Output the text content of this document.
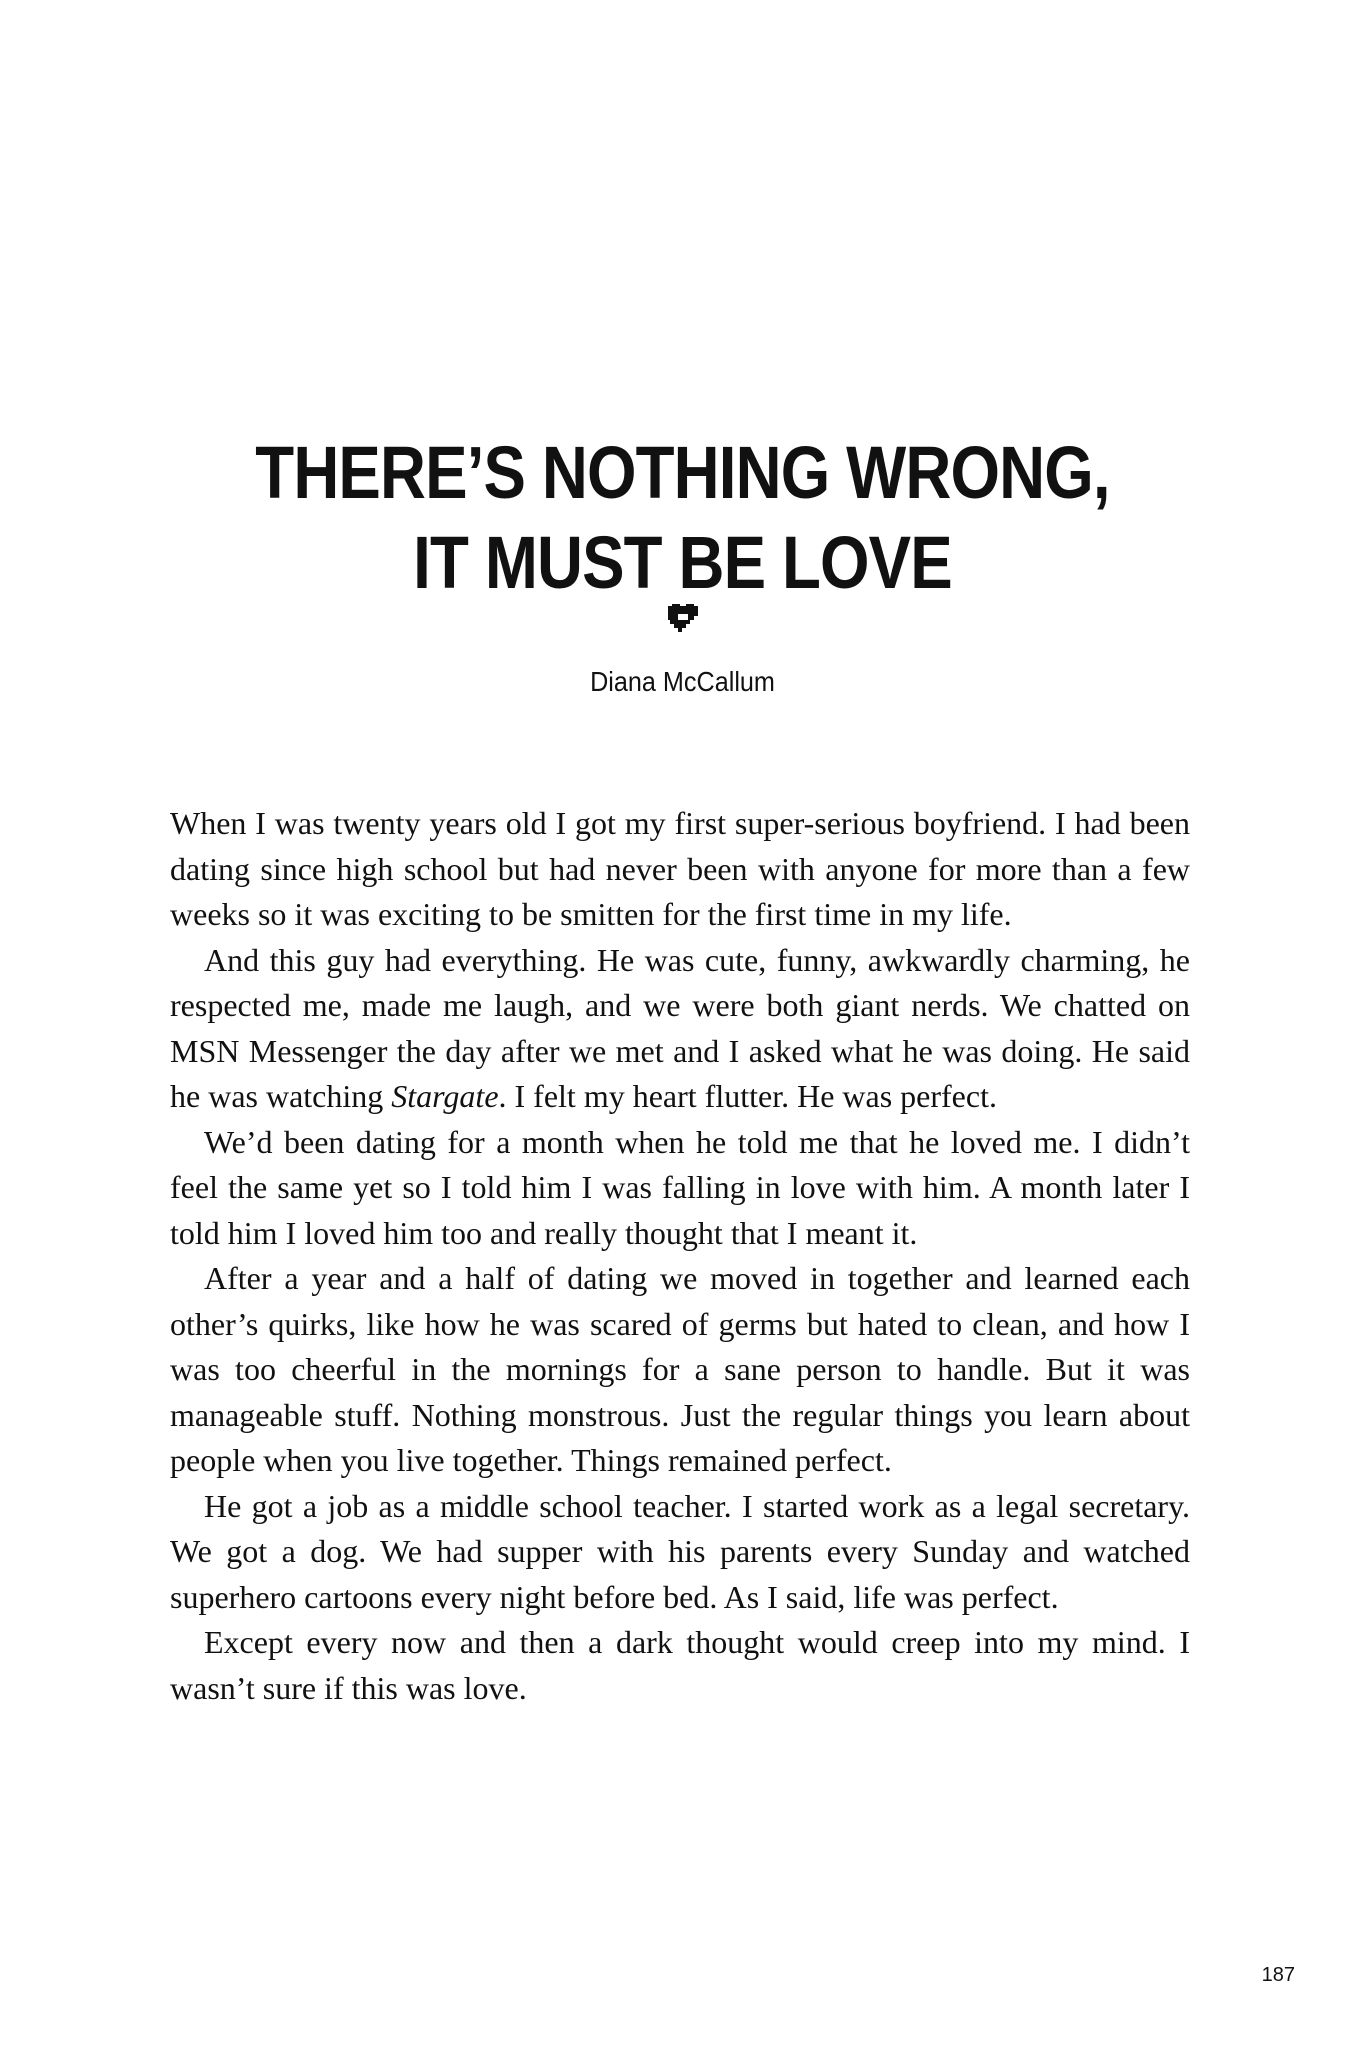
THERE’S NOTHING WRONG,
IT MUST BE LOVE
Diana McCallum

When I was twenty years old I got my first super-serious boyfriend. I had been dating since high school but had never been with anyone for more than a few weeks so it was exciting to be smitten for the first time in my life.

And this guy had everything. He was cute, funny, awkwardly charming, he respected me, made me laugh, and we were both giant nerds. We chatted on MSN Messenger the day after we met and I asked what he was doing. He said he was watching Stargate. I felt my heart flutter. He was perfect.

We’d been dating for a month when he told me that he loved me. I didn’t feel the same yet so I told him I was falling in love with him. A month later I told him I loved him too and really thought that I meant it.

After a year and a half of dating we moved in together and learned each other’s quirks, like how he was scared of germs but hated to clean, and how I was too cheerful in the mornings for a sane person to handle. But it was manageable stuff. Nothing monstrous. Just the regular things you learn about people when you live together. Things remained perfect.

He got a job as a middle school teacher. I started work as a legal secretary. We got a dog. We had supper with his parents every Sunday and watched superhero cartoons every night before bed. As I said, life was perfect.

Except every now and then a dark thought would creep into my mind. I wasn’t sure if this was love.

187
